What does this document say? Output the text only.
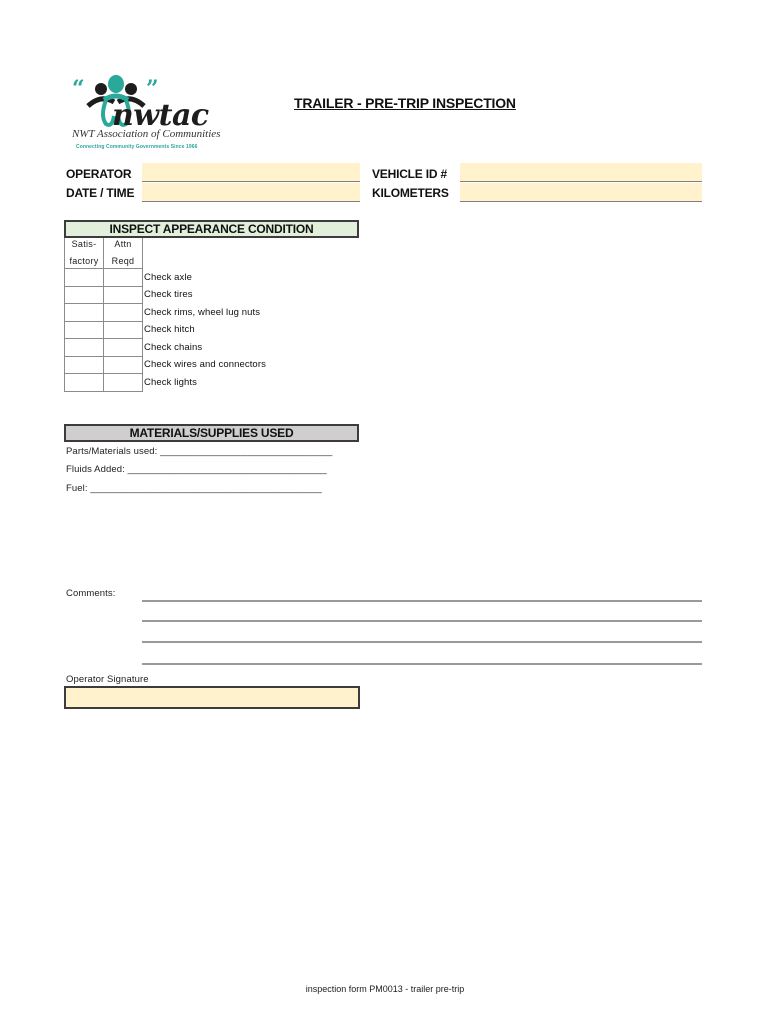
“	”
nwtac
NWT Association of Communities
Connecting Community Governments Since 1966
TRAILER - PRE-TRIP INSPECTION
OPERATOR
DATE / TIME
VEHICLE ID #
KILOMETERS
INSPECT APPEARANCE CONDITION
Satis-
factory

Attn
Reqd

		Check axle
		Check tires
		Check rims, wheel lug nuts
		Check hitch
		Check chains
		Check wires and connectors
		Check lights
MATERIALS/SUPPLIES USED
Parts/Materials used: ________________________________
Fluids Added: _____________________________________
Fuel: ___________________________________________
Comments:
Operator Signature
inspection form PM0013 - trailer pre-trip
